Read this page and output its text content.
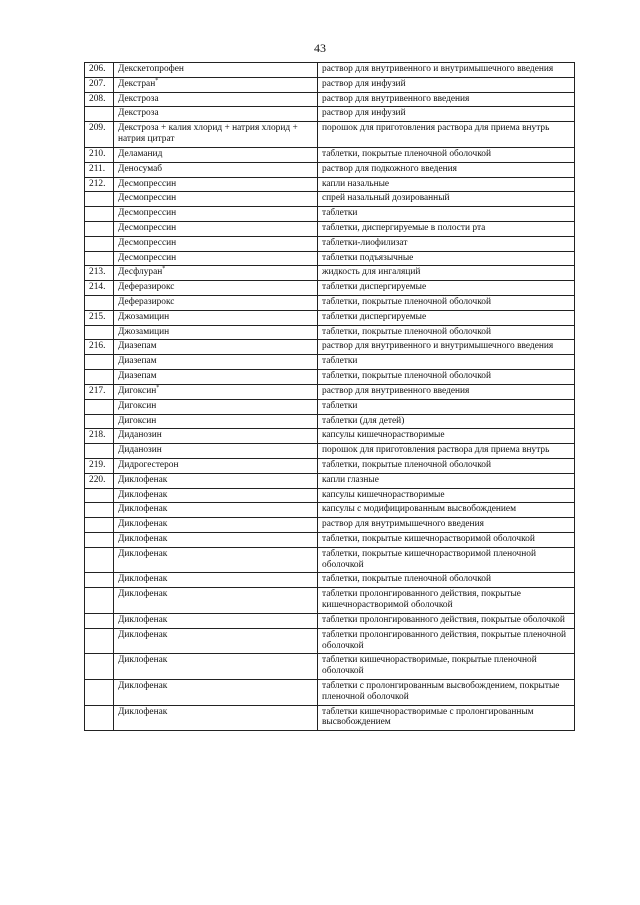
43
206.	Декскетопрофен	раствор для внутривенного и внутримышечного введения
207.	Декстран*	раствор для инфузий
208.	Декстроза	раствор для внутривенного введения
	Декстроза	раствор для инфузий
209.	Декстроза + калия хлорид + натрия хлорид + натрия цитрат	порошок для приготовления раствора для приема внутрь
210.	Деламанид	таблетки, покрытые пленочной оболочкой
211.	Деносумаб	раствор для подкожного введения
212.	Десмопрессин	капли назальные
	Десмопрессин	спрей назальный дозированный
	Десмопрессин	таблетки
	Десмопрессин	таблетки, диспергируемые в полости рта
	Десмопрессин	таблетки-лиофилизат
	Десмопрессин	таблетки подъязычные
213.	Десфлуран*	жидкость для ингаляций
214.	Деферазирокс	таблетки диспергируемые
	Деферазирокс	таблетки, покрытые пленочной оболочкой
215.	Джозамицин	таблетки диспергируемые
	Джозамицин	таблетки, покрытые пленочной оболочкой
216.	Диазепам	раствор для внутривенного и внутримышечного введения
	Диазепам	таблетки
	Диазепам	таблетки, покрытые пленочной оболочкой
217.	Дигоксин*	раствор для внутривенного введения
	Дигоксин	таблетки
	Дигоксин	таблетки (для детей)
218.	Диданозин	капсулы кишечнорастворимые
	Диданозин	порошок для приготовления раствора для приема внутрь
219.	Дидрогестерон	таблетки, покрытые пленочной оболочкой
220.	Диклофенак	капли глазные
	Диклофенак	капсулы кишечнорастворимые
	Диклофенак	капсулы с модифицированным высвобождением
	Диклофенак	раствор для внутримышечного введения
	Диклофенак	таблетки, покрытые кишечнорастворимой оболочкой
	Диклофенак	таблетки, покрытые кишечнорастворимой пленочной оболочкой
	Диклофенак	таблетки, покрытые пленочной оболочкой
	Диклофенак	таблетки пролонгированного действия, покрытые кишечнорастворимой оболочкой
	Диклофенак	таблетки пролонгированного действия, покрытые оболочкой
	Диклофенак	таблетки пролонгированного действия, покрытые пленочной оболочкой
	Диклофенак	таблетки кишечнорастворимые, покрытые пленочной оболочкой
	Диклофенак	таблетки с пролонгированным высвобождением, покрытые пленочной оболочкой
	Диклофенак	таблетки кишечнорастворимые с пролонгированным высвобождением
